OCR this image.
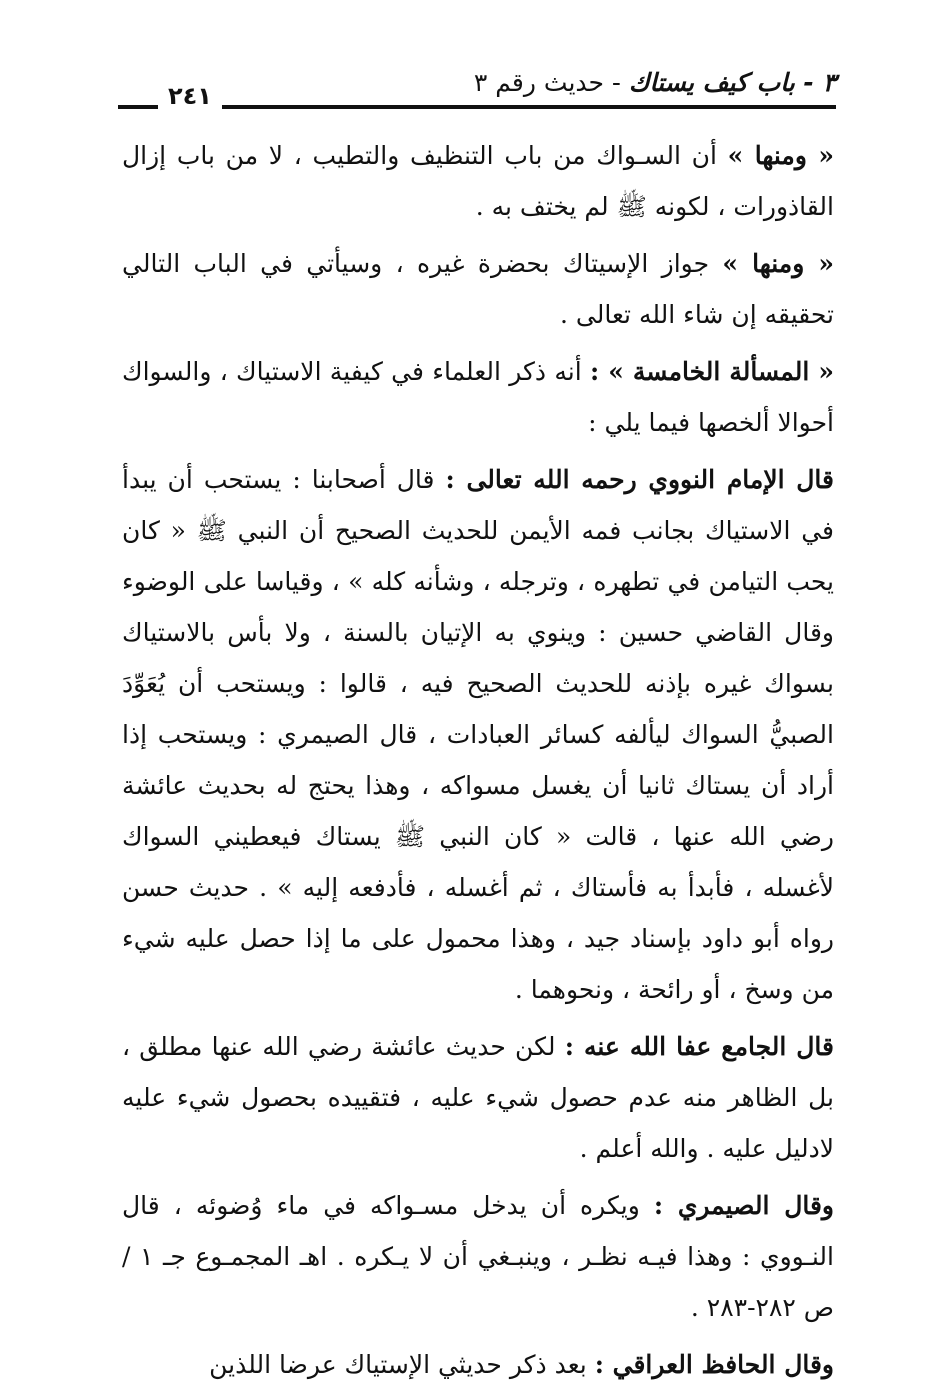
٣ - باب كيف يستاك - حديث رقم ٣
٢٤١

« ومنها » أن السـواك من باب التنظيف والتطيب ، لا من باب إزال القاذورات ، لكونه ﷺ لم يختف به .

« ومنها » جواز الإسيتاك بحضرة غيره ، وسيأتي في الباب التالي تحقيقه إن شاء الله تعالى .

« المسألة الخامسة » : أنه ذكر العلماء في كيفية الاستياك ، والسواك أحوالا ألخصها فيما يلي :

قال الإمام النووي رحمه الله تعالى : قال أصحابنا : يستحب أن يبدأ في الاستياك بجانب فمه الأيمن للحديث الصحيح أن النبي ﷺ « كان يحب التيامن في تطهره ، وترجله ، وشأنه كله » ، وقياسا على الوضوء وقال القاضي حسين : وينوي به الإتيان بالسنة ، ولا بأس بالاستياك بسواك غيره بإذنه للحديث الصحيح فيه ، قالوا : ويستحب أن يُعَوِّدَ الصبيُّ السواك ليألفه كسائر العبادات ، قال الصيمري : ويستحب إذا أراد أن يستاك ثانيا أن يغسل مسواكه ، وهذا يحتج له بحديث عائشة رضي الله عنها ، قالت « كان النبي ﷺ يستاك فيعطيني السواك لأغسله ، فأبدأ به فأستاك ، ثم أغسله ، فأدفعه إليه » . حديث حسن رواه أبو داود بإسناد جيد ، وهذا محمول على ما إذا حصل عليه شيء من وسخ ، أو رائحة ، ونحوهما .

قال الجامع عفا الله عنه : لكن حديث عائشة رضي الله عنها مطلق ، بل الظاهر منه عدم حصول شيء عليه ، فتقييده بحصول شيء عليه لادليل عليه . والله أعلم .

وقال الصيمري : ويكره أن يدخل مسـواكه في ماء وُضوئه ، قال النـووي : وهذا فيـه نظـر ، وينبـغي أن لا يـكره . اهـ المجمـوع جـ ١ / ص ٢٨٢-٢٨٣ .

وقال الحافظ العراقي : بعد ذكر حديثي الإستياك عرضا اللذين
